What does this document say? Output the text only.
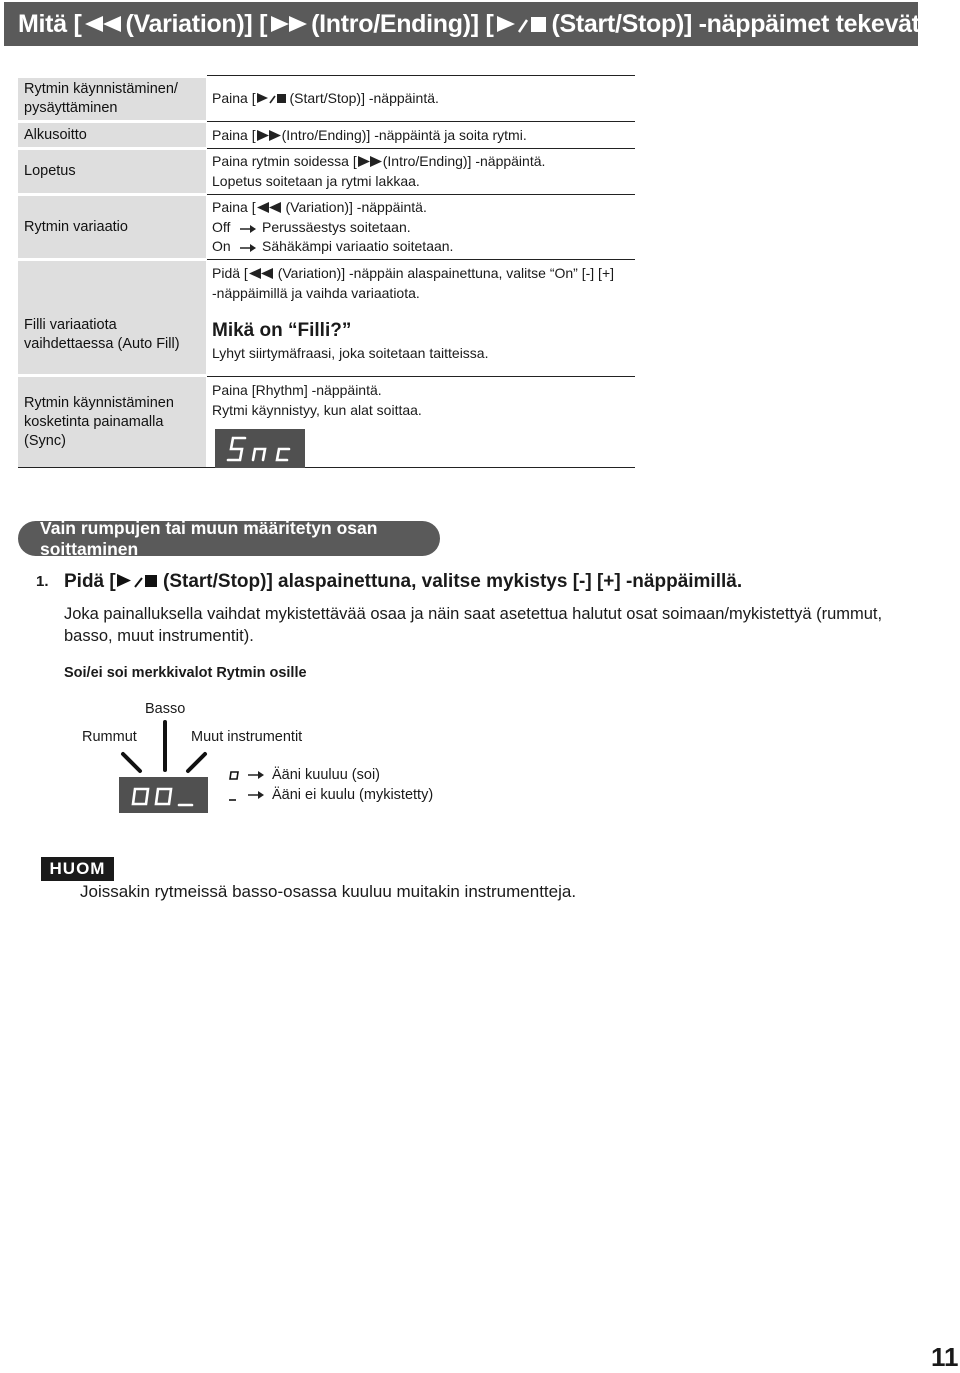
Mitä [ (Variation)] [ (Intro/Ending)] [ (Start/Stop)] -näppäimet tekevät?
Rytmin käynnistäminen/ pysäyttäminen
Alkusoitto
Lopetus
Rytmin variaatio
Filli variaatiota vaihdettaessa (Auto Fill)
Rytmin käynnistäminen kosketinta painamalla (Sync)
Paina [
(Start/Stop)] -näppäintä.
Paina [ (Intro/Ending)] -näppäintä ja soita rytmi.
Paina rytmin soidessa [ (Intro/Ending)] -näppäintä.
Lopetus soitetaan ja rytmi lakkaa.
Paina [
(Variation)] -näppäintä.
Off Perussäestys soitetaan.
On Sähäkämpi variaatio soitetaan.
Pidä [
(Variation)] -näppäin alaspainettuna, valitse “On” [-] [+]
-näppäimillä ja vaihda variaatiota.
Mikä on “Filli?”
Lyhyt siirtymäfraasi, joka soitetaan taitteissa.
Paina [Rhythm] -näppäintä.
Rytmi käynnistyy, kun alat soittaa.
Vain rumpujen tai muun määritetyn osan soittaminen
1. Pidä [
(Start/Stop)] alaspainettuna, valitse mykistys [-] [+] -näppäimillä.
Joka painalluksella vaihdat mykistettävää osaa ja näin saat asetettua halutut osat soimaan/mykistettyä (rummut, basso, muut instrumentit).
Soi/ei soi merkkivalot Rytmin osille
Basso
Rummut	Muut instrumentit
Ääni kuuluu (soi)
Ääni ei kuulu (mykistetty)
HUOM
Joissakin rytmeissä basso-osassa kuuluu muitakin instrumentteja.
11
